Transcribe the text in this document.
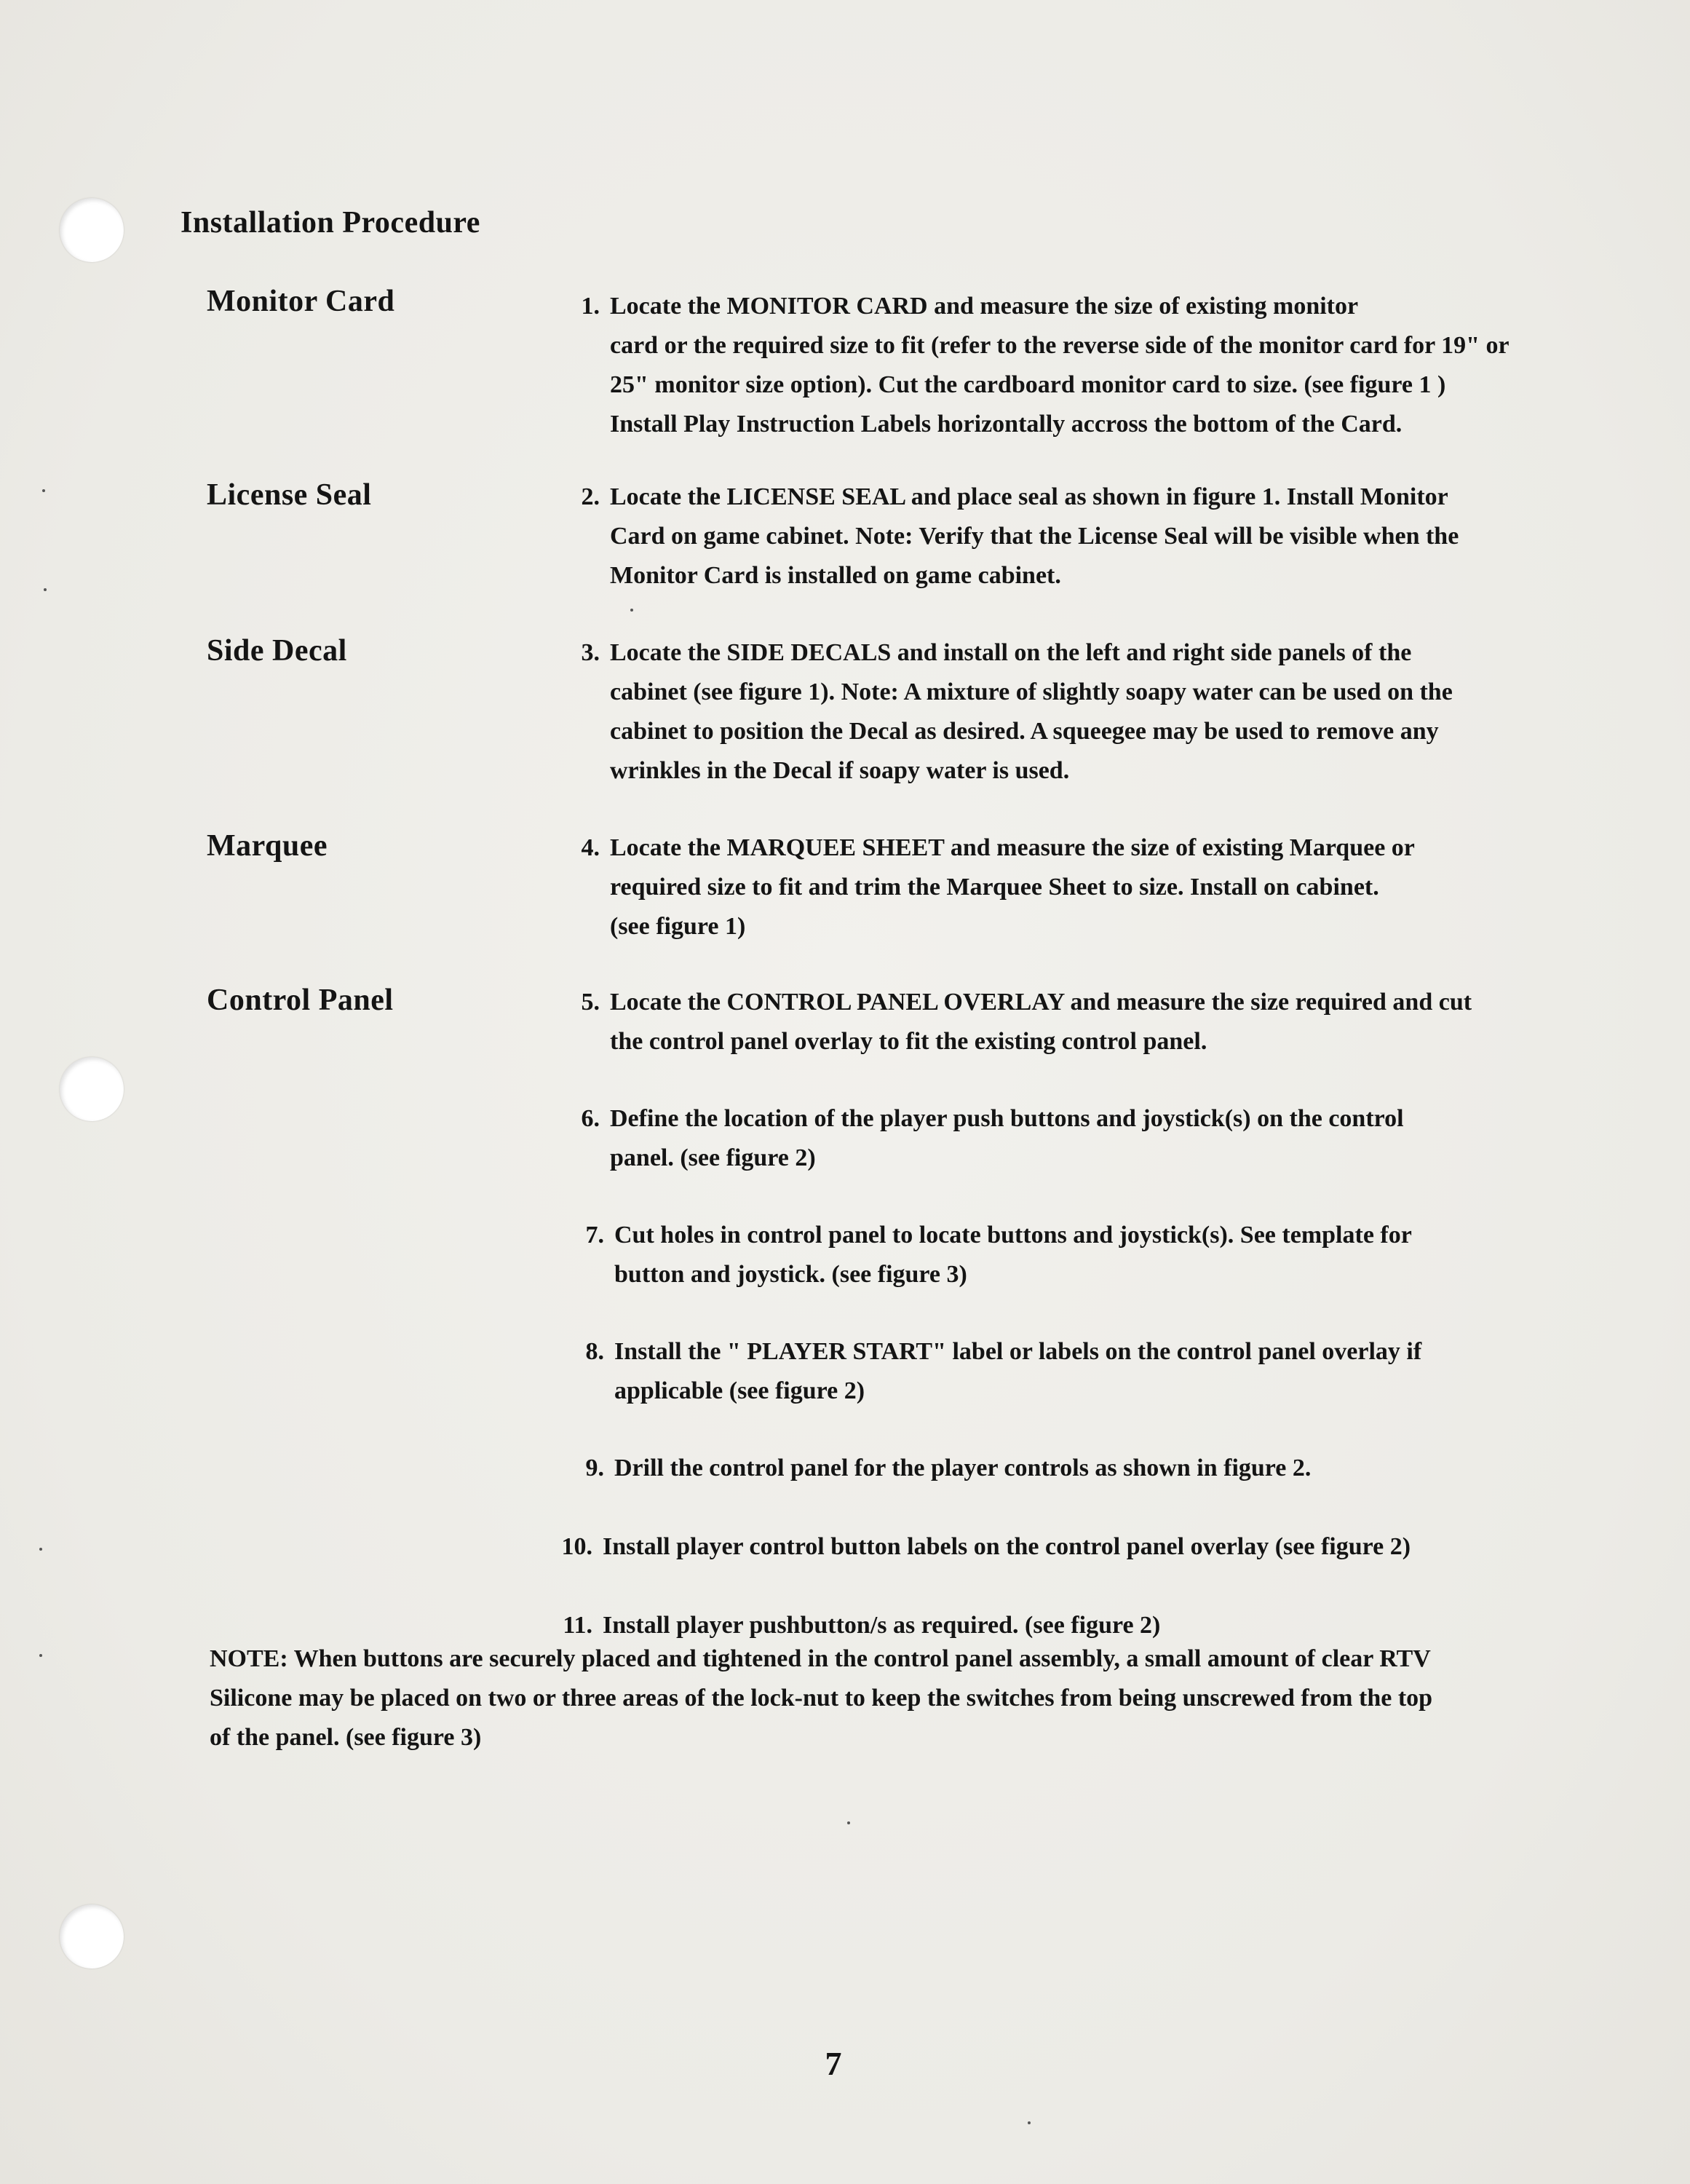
Installation Procedure
Monitor Card
License Seal
Side Decal
Marquee
Control Panel
1. Locate the MONITOR CARD and measure the size of existing monitor
card or the required size to fit (refer to the reverse side of the monitor card for 19" or
25" monitor size option). Cut the cardboard monitor card to size. (see figure 1 )
Install Play Instruction Labels horizontally accross the bottom of the Card.
2. Locate the LICENSE SEAL and place seal as shown in figure 1. Install Monitor
Card on game cabinet. Note: Verify that the License Seal will be visible when the
Monitor Card is installed on game cabinet.
3. Locate the SIDE DECALS and install on the left and right side panels of the
cabinet (see figure 1). Note: A mixture of slightly soapy water can be used on the
cabinet to position the Decal as desired. A squeegee may be used to remove any
wrinkles in the Decal if soapy water is used.
4. Locate the MARQUEE SHEET and measure the size of existing Marquee or
required size to fit and trim the Marquee Sheet to size. Install on cabinet.
(see figure 1)
5. Locate the CONTROL PANEL OVERLAY and measure the size required and cut
the control panel overlay to fit the existing control panel.
6. Define the location of the player push buttons and joystick(s) on the control
panel. (see figure 2)
7. Cut holes in control panel to locate buttons and joystick(s). See template for
button and joystick. (see figure 3)
8. Install the " PLAYER START" label or labels on the control panel overlay if
applicable (see figure 2)
9. Drill the control panel for the player controls as shown in figure 2.
10. Install player control button labels on the control panel overlay (see figure 2)
11. Install player pushbutton/s as required. (see figure 2)
NOTE: When buttons are securely placed and tightened in the control panel assembly, a small amount of clear RTV
Silicone may be placed on two or three areas of the lock-nut to keep the switches from being unscrewed from the top
of the panel. (see figure 3)
7
